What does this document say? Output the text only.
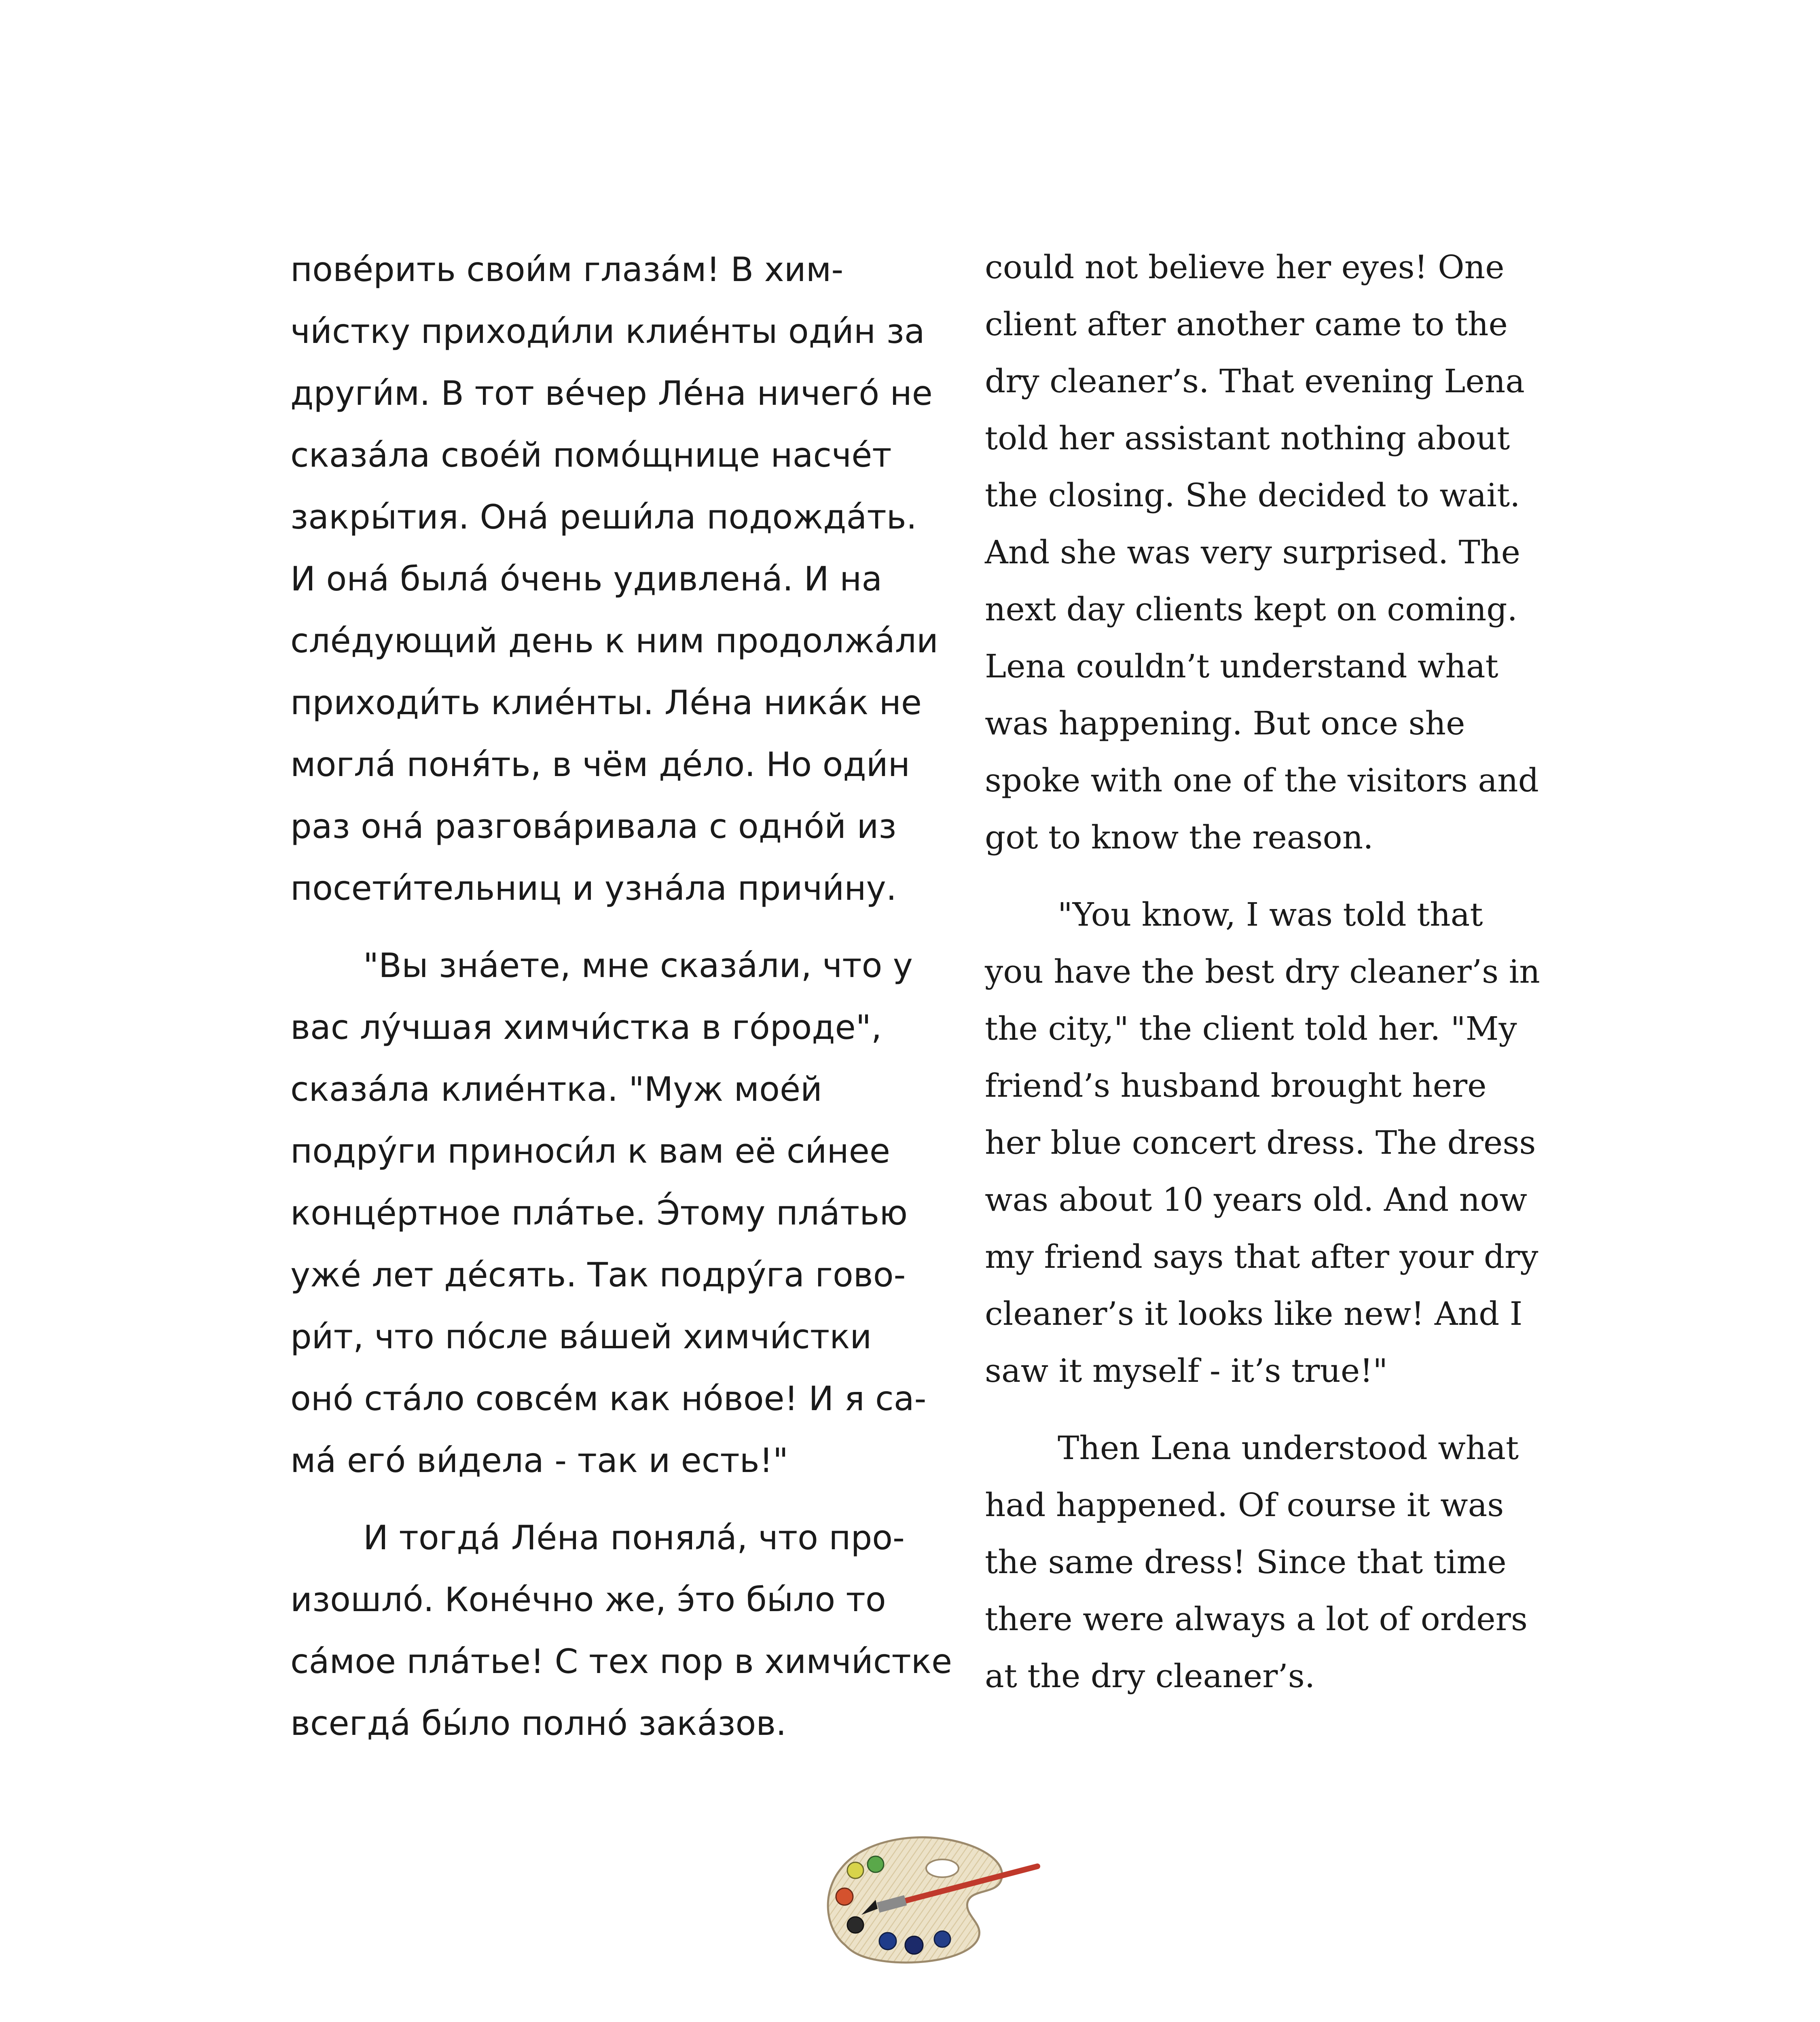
пове́рить свои́м глаза́м! В хим-
чи́стку приходи́ли клие́нты оди́н за
други́м. В тот ве́чер Ле́на ничего́ не
сказа́ла свое́й помо́щнице насче́т
закры́тия. Она́ реши́ла подожда́ть.
И она́ была́ о́чень удивлена́. И на
сле́дующий день к ним продолжа́ли
приходи́ть клие́нты. Ле́на ника́к не
могла́ поня́ть, в чём де́ло. Но оди́н
раз она́ разгова́ривала с одно́й из
посети́тельниц и узна́ла причи́ну.
"Вы зна́ете, мне сказа́ли, что у
вас лу́чшая химчи́стка в го́роде",
сказа́ла клие́нтка. "Муж мое́й
подру́ги приноси́л к вам её си́нее
конце́ртное пла́тье. Э́тому пла́тью
уже́ лет де́сять. Так подру́га гово-
ри́т, что по́сле ва́шей химчи́стки
оно́ ста́ло совсе́м как но́вое! И я са-
ма́ его́ ви́дела - так и есть!"
И тогда́ Ле́на поняла́, что про-
изошло́. Коне́чно же, э́то бы́ло то
са́мое пла́тье! С тех пор в химчи́стке
всегда́ бы́ло полно́ зака́зов.
could not believe her eyes! One
client after another came to the
dry cleaner’s. That evening Lena
told her assistant nothing about
the closing. She decided to wait.
And she was very surprised. The
next day clients kept on coming.
Lena couldn’t understand what
was happening. But once she
spoke with one of the visitors and
got to know the reason.
"You know, I was told that
you have the best dry cleaner’s in
the city," the client told her. "My
friend’s husband brought here
her blue concert dress. The dress
was about 10 years old. And now
my friend says that after your dry
cleaner’s it looks like new! And I
saw it myself - it’s true!"
Then Lena understood what
had happened. Of course it was
the same dress! Since that time
there were always a lot of orders
at the dry cleaner’s.
